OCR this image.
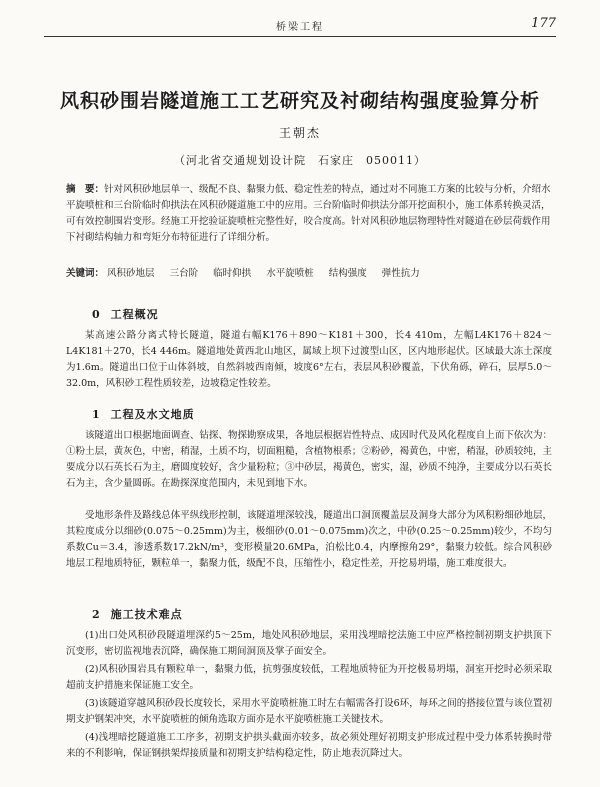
桥梁工程	177
风积砂围岩隧道施工工艺研究及衬砌结构强度验算分析
王朝杰
（河北省交通规划设计院　石家庄　050011）
摘　要：针对风积砂地层单一、级配不良、黏聚力低、稳定性差的特点，通过对不同施工方案的比较与分析，介绍水平旋喷桩和三台阶临时仰拱法在风积砂隧道施工中的应用。三台阶临时仰拱法分部开挖面积小，施工体系转换灵活，可有效控制围岩变形。经施工开挖验证旋喷桩完整性好，咬合度高。针对风积砂地层物理特性对隧道在砂层荷载作用下衬砌结构轴力和弯矩分布特征进行了详细分析。
关键词： 风积砂地层 三台阶 临时仰拱 水平旋喷桩 结构强度 弹性抗力
0 工程概况

某高速公路分离式特长隧道，隧道右幅K176＋890～K181＋300，长4 410m，左幅L4K176＋824～L4K181＋270，长4 446m。隧道地处黄西北山地区，属域上坝下过渡型山区，区内地形起伏。区域最大冻土深度为1.6m。隧道出口位于山体斜坡，自然斜坡西南倾，坡度6°左右，表层风积砂覆盖，下伏角砾，碎石，层厚5.0～32.0m，风积砂工程性质较差，边坡稳定性较差。

1 工程及水文地质

该隧道出口根据地面调查、钻探、物探勘察成果，各地层根据岩性特点、成因时代及风化程度自上而下依次为：①粉土层，黄灰色，中密，稍湿，土质不均，切面粗糙，含植物根系；②粉砂，褐黄色，中密，稍湿，砂质较纯，主要成分以石英长石为主，磨圆度较好，含少量粉粒；③中砂层，褐黄色，密实，湿，砂质不纯净，主要成分以石英长石为主，含少量圆砾。在勘探深度范围内，未见到地下水。

受地形条件及路线总体平纵线形控制，该隧道埋深较浅，隧道出口洞顶覆盖层及洞身大部分为风积粉细砂地层，其粒度成分以细砂(0.075～0.25mm)为主，极细砂(0.01～0.075mm)次之，中砂(0.25～0.25mm)较少，不均匀系数Cu＝3.4，渗透系数17.2kN/m³，变形模量20.6MPa，泊松比0.4，内摩擦角29°，黏聚力较低。综合风积砂地层工程地质特征，颗粒单一，黏聚力低，级配不良，压缩性小，稳定性差，开挖易坍塌，施工难度很大。

2 施工技术难点

(1)出口处风积砂段隧道埋深约5～25m，地处风积砂地层，采用浅埋暗挖法施工中应严格控制初期支护拱顶下沉变形，密切监视地表沉降，确保施工期间洞顶及掌子面安全。

(2)风积砂围岩具有颗粒单一，黏聚力低，抗剪强度较低，工程地质特征为开挖极易坍塌，洞室开挖时必须采取超前支护措施来保证施工安全。

(3)该隧道穿越风积砂段长度较长，采用水平旋喷桩施工时左右幅需各打设6环，每环之间的搭接位置与该位置初期支护钢架冲突，水平旋喷桩的倾角选取方面亦是水平旋喷桩施工关键技术。

(4)浅埋暗挖隧道施工工序多，初期支护拱头截面亦较多，故必须处理好初期支护形成过程中受力体系转换时带来的不利影响，保证钢拱架焊接质量和初期支护结构稳定性，防止地表沉降过大。
